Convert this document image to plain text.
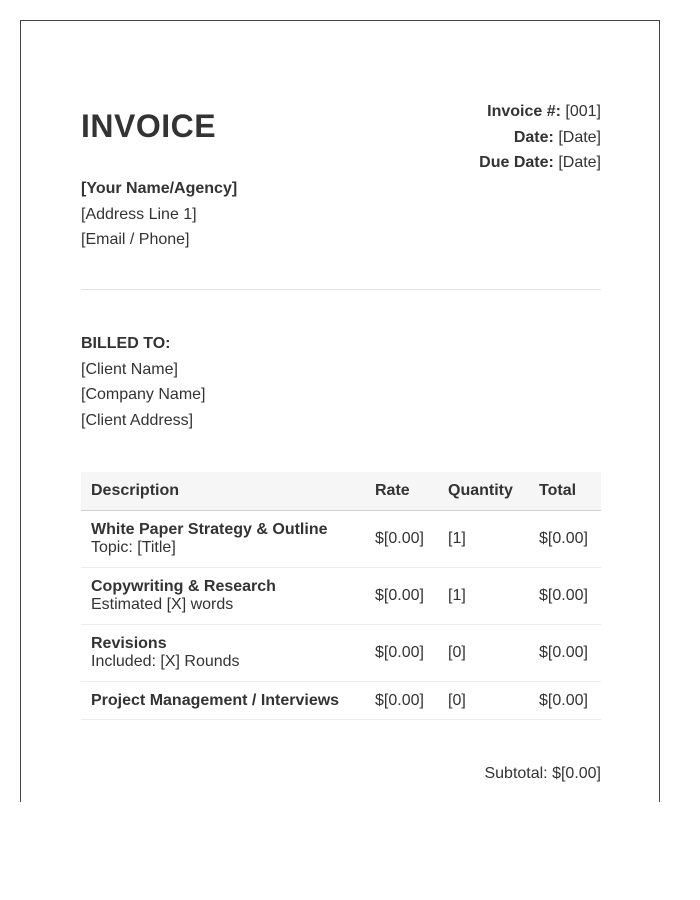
INVOICE	Invoice #: [001]
Date: [Date]
Due Date: [Date]
[Your Name/Agency]
[Address Line 1]
[Email / Phone]
BILLED TO:
[Client Name]
[Company Name]
[Client Address]
Description	Rate	Quantity	Total

White Paper Strategy & Outline
Topic: [Title]	$[0.00]	[1]	$[0.00]

Copywriting & Research
Estimated [X] words	$[0.00]	[1]	$[0.00]

Revisions
Included: [X] Rounds	$[0.00]	[0]	$[0.00]

Project Management / Interviews	$[0.00]	[0]	$[0.00]
Subtotal: $[0.00]
